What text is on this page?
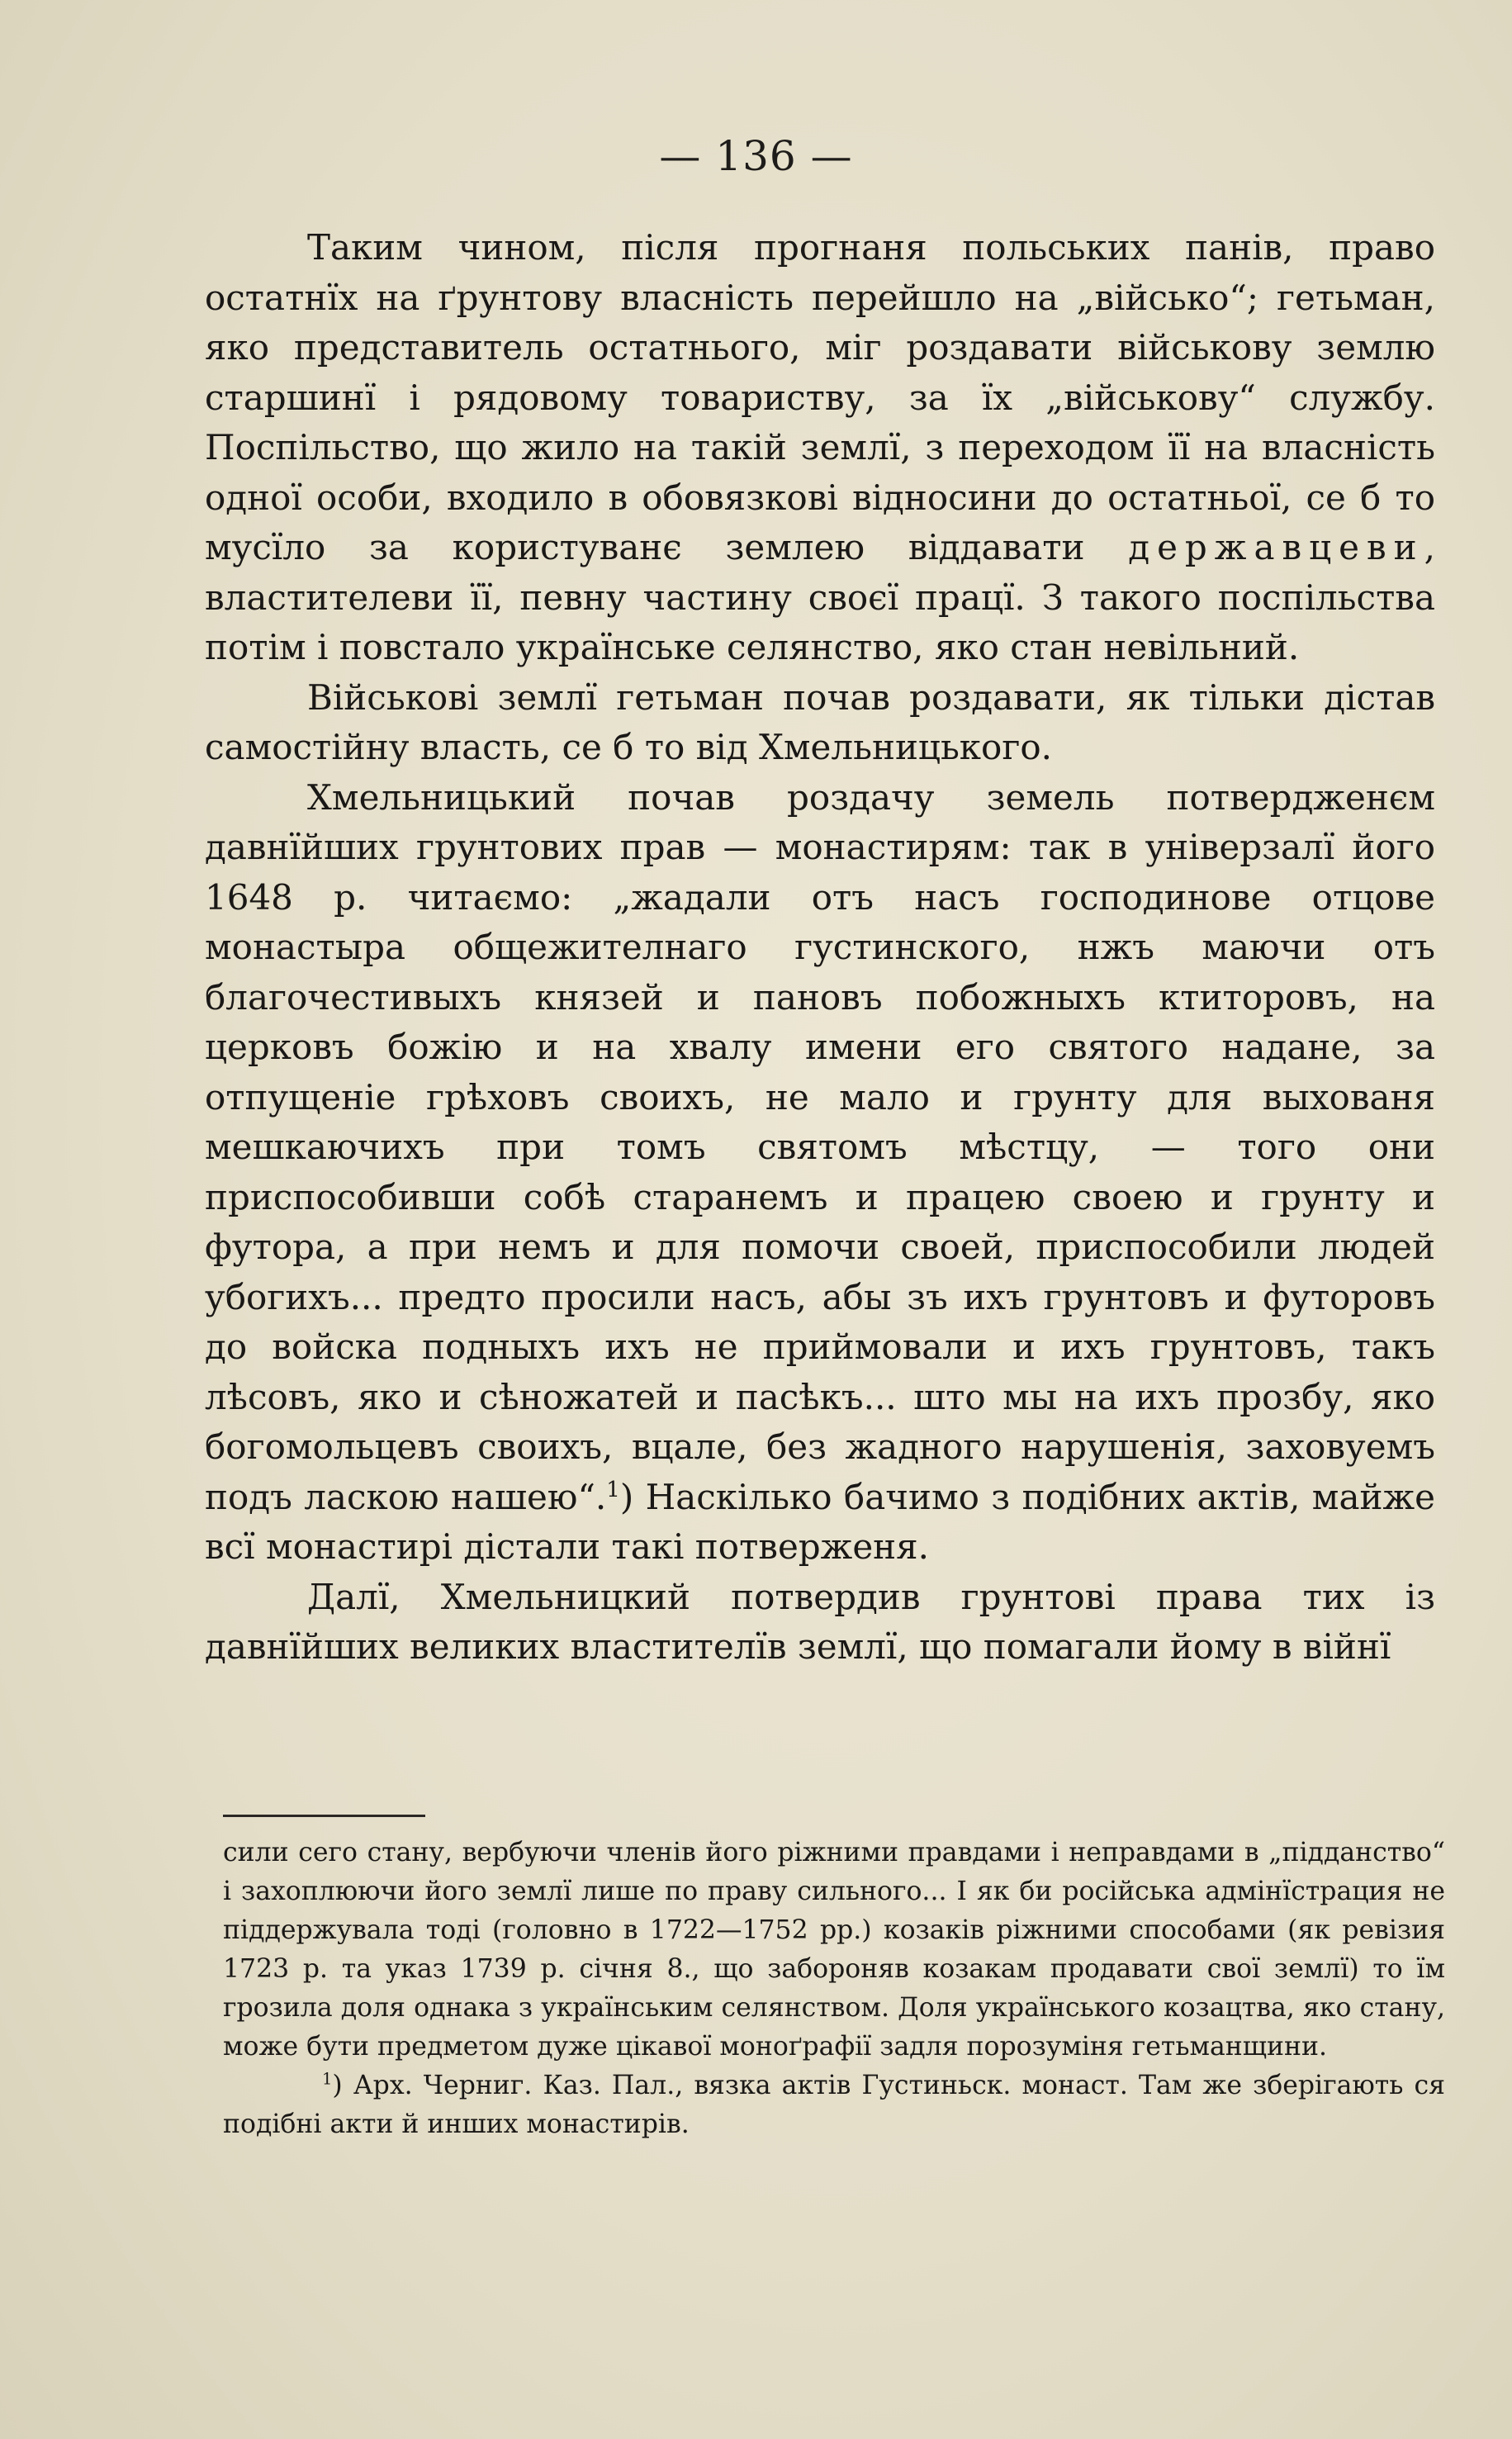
— 136 —

Таким чином, після прогнаня польських панів, право остатнїх на ґрунтову власність перейшло на „військо“; гетьман, яко представитель остатнього, міг роздавати військову землю старшинї і рядовому товариству, за їх „військову“ службу. Поспільство, що жило на такій землї, з переходом її на власність одної особи, входило в обовязкові відносини до остатньої, се б то мусїло за користуванє землею віддавати державцеви, властителеви її, певну частину своєї працї. З такого поспільства потім і повстало українське селянство, яко стан невільний.

Військові землї гетьман почав роздавати, як тільки дістав самостійну власть, се б то від Хмельницького.

Хмельницький почав роздачу земель потвердженєм давнїйших грунтових прав — монастирям: так в універзалї його 1648 р. читаємо: „жадали отъ насъ господинове отцове монастыра общежителнаго густинского, нжъ маючи отъ благочестивыхъ князей и пановъ побожныхъ ктиторовъ, на церковъ божiю и на хвалу имени его святого надане, за отпущенiе грѣховъ своихъ, не мало и грунту для выхованя мешкаючихъ при томъ святомъ мѣстцу, — того они приспособивши собѣ старанемъ и працею своею и грунту и футора, а при немъ и для помочи своей, приспособили людей убогихъ... предто просили насъ, абы зъ ихъ грунтовъ и футоровъ до войска подныхъ ихъ не приймовали и ихъ грунтовъ, такъ лѣсовъ, яко и сѣножатей и пасѣкъ... што мы на ихъ прозбу, яко богомольцевъ своихъ, вцале, без жадного нарушенiя, заховуемъ подъ ласкою нашею“.$^1$) Наскілько бачимо з подібних актів, майже всї монастирі дістали такі потверженя.

Далї, Хмельницкий потвердив грунтові права тих із давнїйших великих властителїв землї, що помагали йому в війнї

сили сего стану, вербуючи членів його ріжними правдами і неправдами в „підданство“ і захоплюючи його землї лише по праву сильного... І як би російська адмінїстрация не піддержувала тоді (головно в 1722—1752 рр.) козаків ріжними способами (як ревізия 1723 р. та указ 1739 р. січня 8., що забороняв козакам продавати свої землї) то їм грозила доля однака з українським селянством. Доля українського козацтва, яко стану, може бути предметом дуже цікавої моноґрафії задля порозуміня гетьманщини.

$^1$) Арх. Черниг. Каз. Пал., вязка актів Густиньск. монаст. Там же зберігають ся подібні акти й инших монастирів.
